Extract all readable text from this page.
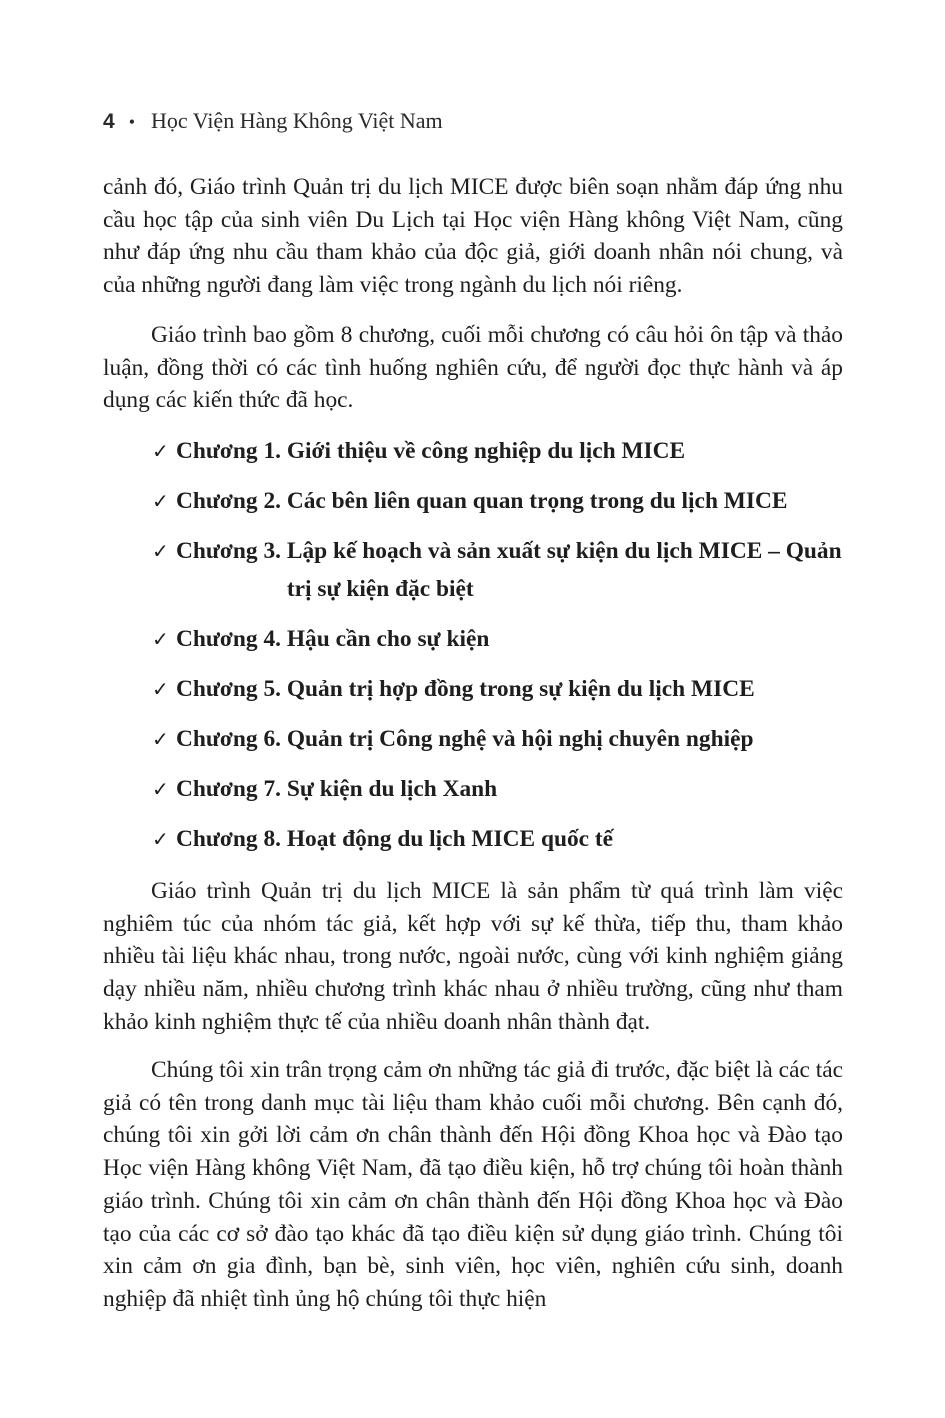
4 • Học Viện Hàng Không Việt Nam

cảnh đó, Giáo trình Quản trị du lịch MICE được biên soạn nhằm đáp ứng nhu cầu học tập của sinh viên Du Lịch tại Học viện Hàng không Việt Nam, cũng như đáp ứng nhu cầu tham khảo của độc giả, giới doanh nhân nói chung, và của những người đang làm việc trong ngành du lịch nói riêng.

Giáo trình bao gồm 8 chương, cuối mỗi chương có câu hỏi ôn tập và thảo luận, đồng thời có các tình huống nghiên cứu, để người đọc thực hành và áp dụng các kiến thức đã học.

✓ Chương 1. Giới thiệu về công nghiệp du lịch MICE
✓ Chương 2. Các bên liên quan quan trọng trong du lịch MICE
✓ Chương 3. Lập kế hoạch và sản xuất sự kiện du lịch MICE – Quản trị sự kiện đặc biệt
✓ Chương 4. Hậu cần cho sự kiện
✓ Chương 5. Quản trị hợp đồng trong sự kiện du lịch MICE
✓ Chương 6. Quản trị Công nghệ và hội nghị chuyên nghiệp
✓ Chương 7. Sự kiện du lịch Xanh
✓ Chương 8. Hoạt động du lịch MICE quốc tế

Giáo trình Quản trị du lịch MICE là sản phẩm từ quá trình làm việc nghiêm túc của nhóm tác giả, kết hợp với sự kế thừa, tiếp thu, tham khảo nhiều tài liệu khác nhau, trong nước, ngoài nước, cùng với kinh nghiệm giảng dạy nhiều năm, nhiều chương trình khác nhau ở nhiều trường, cũng như tham khảo kinh nghiệm thực tế của nhiều doanh nhân thành đạt.

Chúng tôi xin trân trọng cảm ơn những tác giả đi trước, đặc biệt là các tác giả có tên trong danh mục tài liệu tham khảo cuối mỗi chương. Bên cạnh đó, chúng tôi xin gởi lời cảm ơn chân thành đến Hội đồng Khoa học và Đào tạo Học viện Hàng không Việt Nam, đã tạo điều kiện, hỗ trợ chúng tôi hoàn thành giáo trình. Chúng tôi xin cảm ơn chân thành đến Hội đồng Khoa học và Đào tạo của các cơ sở đào tạo khác đã tạo điều kiện sử dụng giáo trình. Chúng tôi xin cảm ơn gia đình, bạn bè, sinh viên, học viên, nghiên cứu sinh, doanh nghiệp đã nhiệt tình ủng hộ chúng tôi thực hiện
